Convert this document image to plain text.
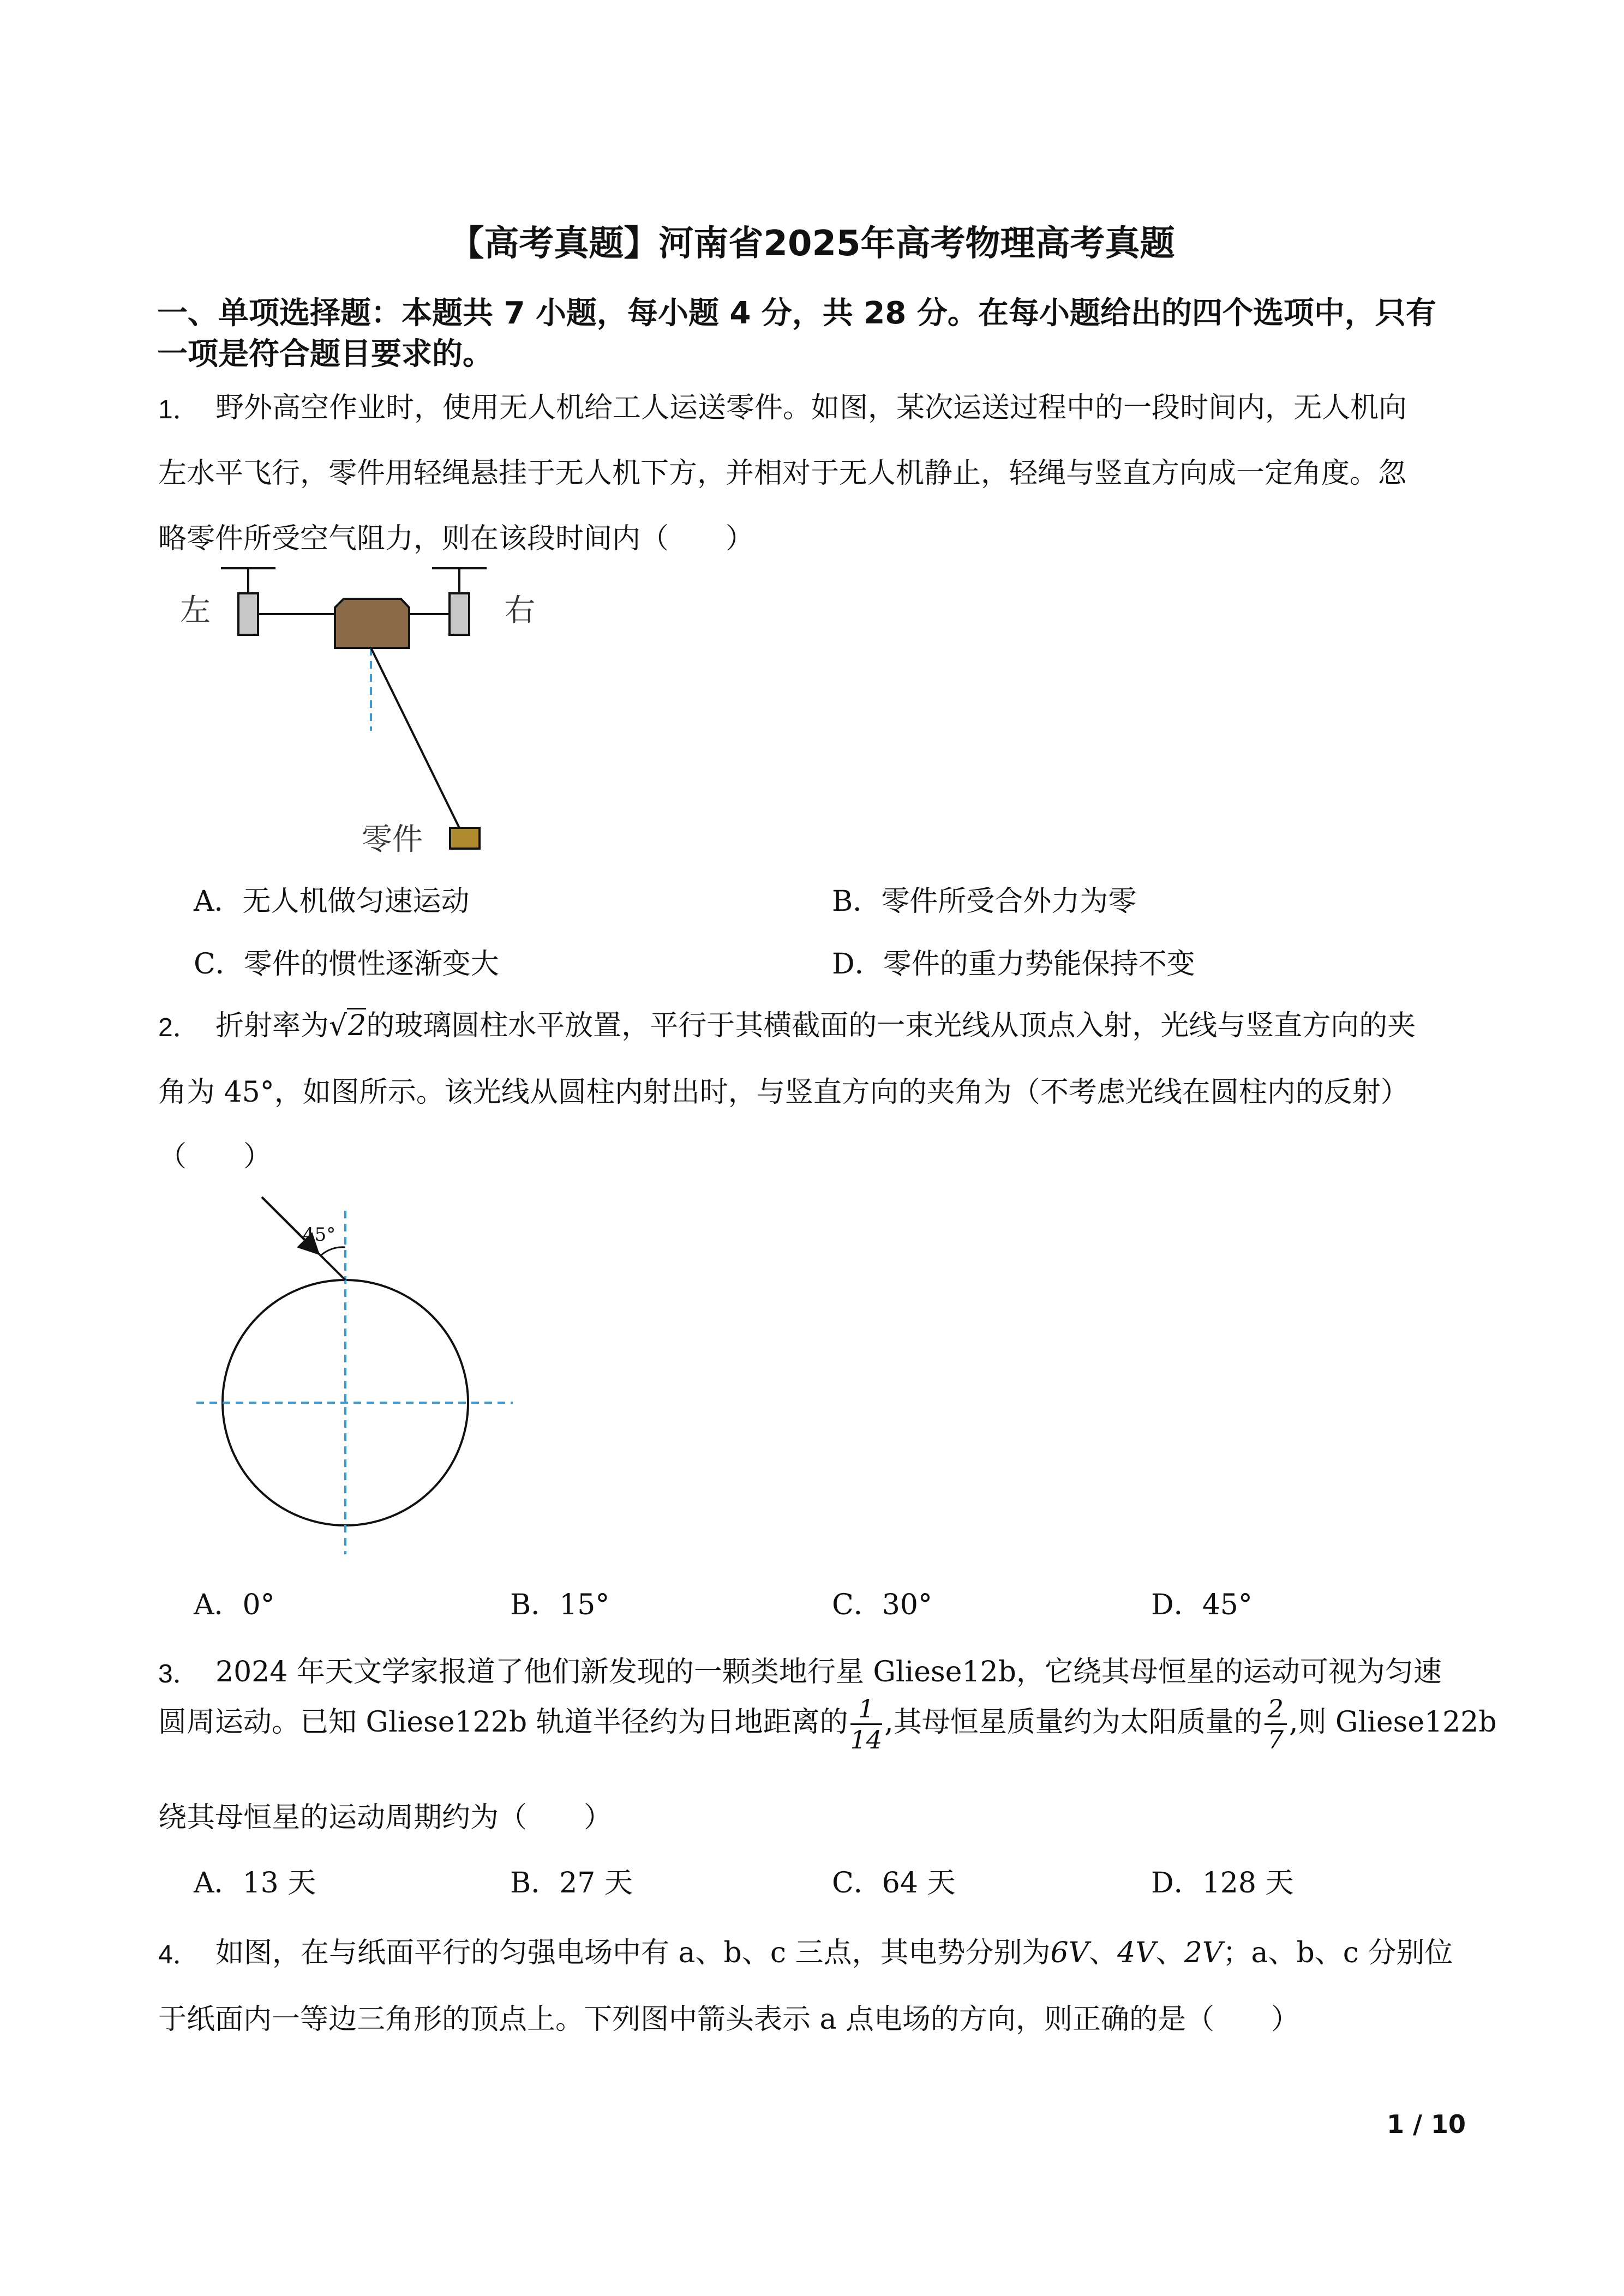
【高考真题】河南省2025年高考物理高考真题
一、单项选择题：本题共 7 小题，每小题 4 分，共 28 分。在每小题给出的四个选项中，只有
一项是符合题目要求的。
1． 野外高空作业时，使用无人机给工人运送零件。如图，某次运送过程中的一段时间内，无人机向
左水平飞行，零件用轻绳悬挂于无人机下方，并相对于无人机静止，轻绳与竖直方向成一定角度。忽
略零件所受空气阻力，则在该段时间内（　　）
左	右
零件
A．无人机做匀速运动	B．零件所受合外力为零
C．零件的惯性逐渐变大	D．零件的重力势能保持不变
2． 折射率为√2的玻璃圆柱水平放置，平行于其横截面的一束光线从顶点入射，光线与竖直方向的夹
角为 45°，如图所示。该光线从圆柱内射出时，与竖直方向的夹角为（不考虑光线在圆柱内的反射）
（　　）
45°
A．0°	B．15°	C．30°	D．45°
3． 2024 年天文学家报道了他们新发现的一颗类地行星 Gliese12b，它绕其母恒星的运动可视为匀速
圆周运动。已知 Gliese122b 轨道半径约为日地距离的 $\frac{1}{14}$ ,其母恒星质量约为太阳质量的 $\frac{2}{7}$ ,则 Gliese122b
绕其母恒星的运动周期约为（　　）
A．13 天	B．27 天	C．64 天	D．128 天
4． 如图，在与纸面平行的匀强电场中有 a、b、c 三点，其电势分别为6V、4V、2V；a、b、c 分别位
于纸面内一等边三角形的顶点上。下列图中箭头表示 a 点电场的方向，则正确的是（　　）
1 / 10
